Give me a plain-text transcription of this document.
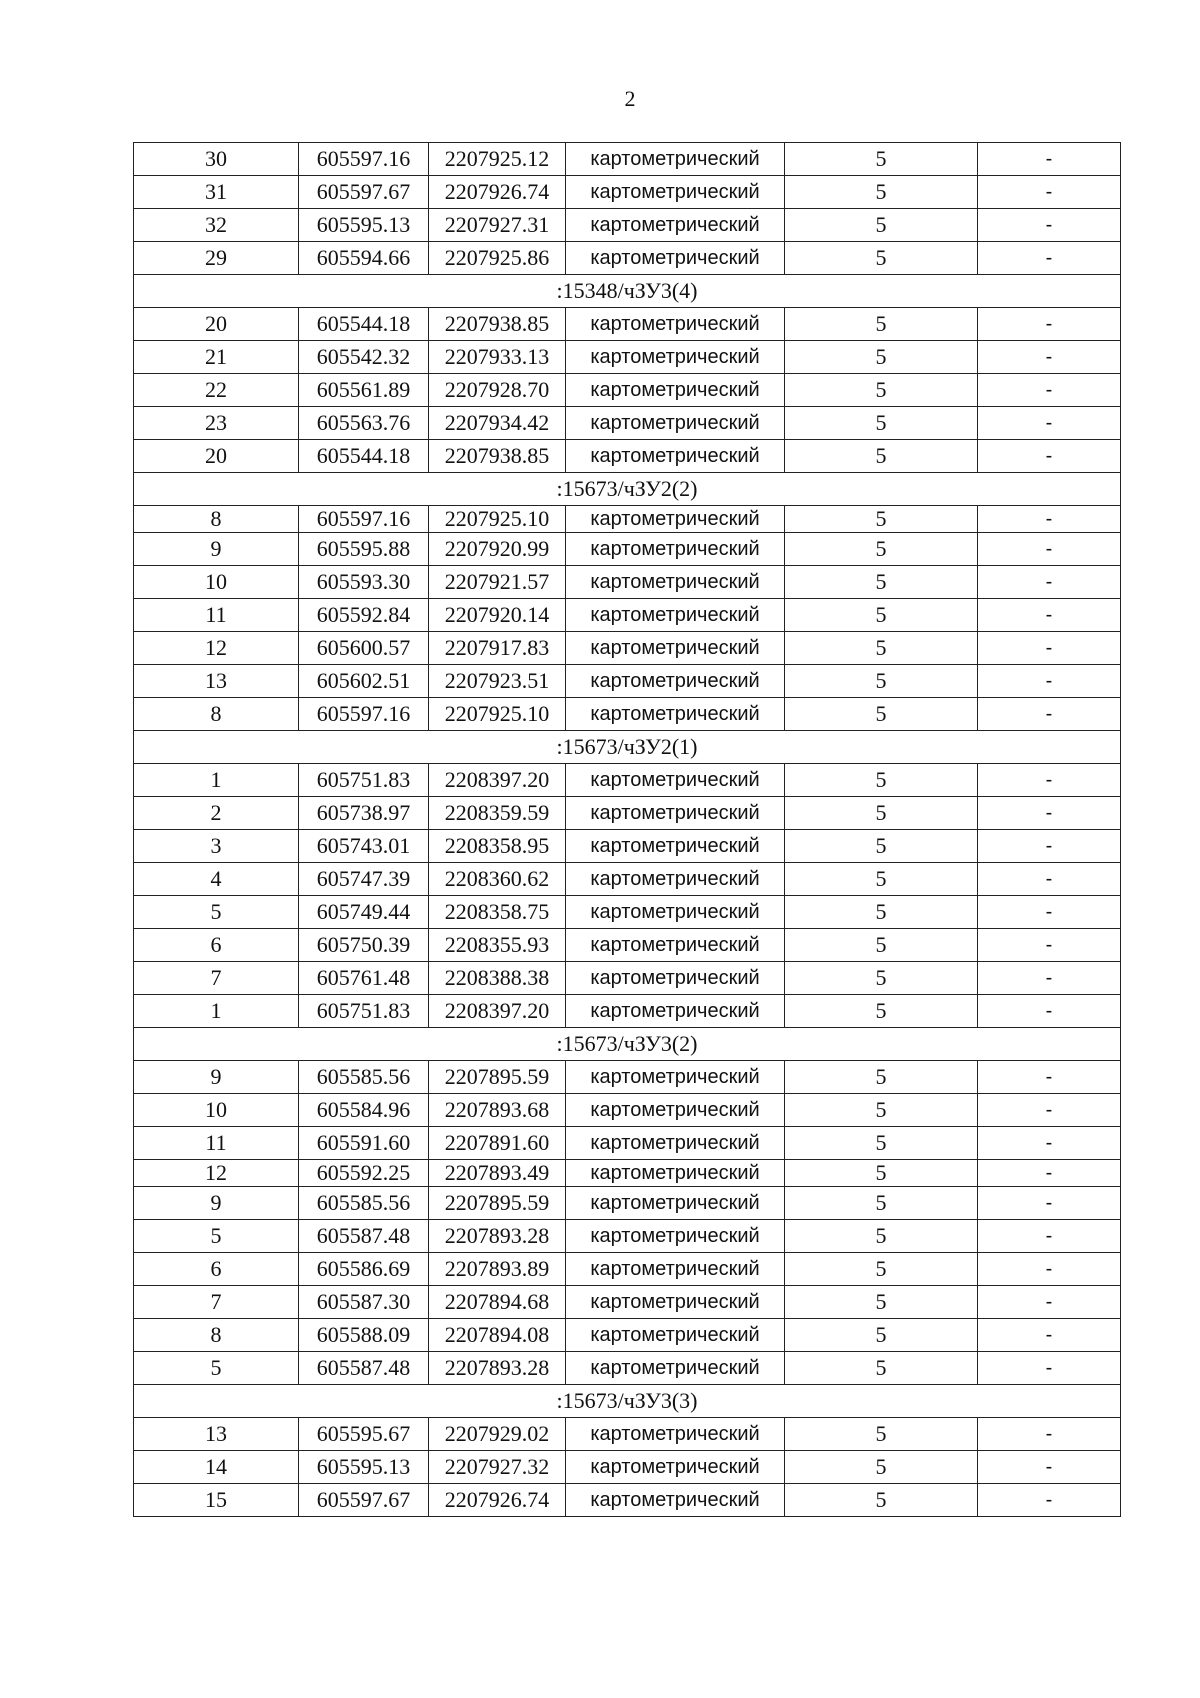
2
30	605597.16	2207925.12	картометрический	5	-
31	605597.67	2207926.74	картометрический	5	-
32	605595.13	2207927.31	картометрический	5	-
29	605594.66	2207925.86	картометрический	5	-
:15348/чЗУ3(4)					
20	605544.18	2207938.85	картометрический	5	-
21	605542.32	2207933.13	картометрический	5	-
22	605561.89	2207928.70	картометрический	5	-
23	605563.76	2207934.42	картометрический	5	-
20	605544.18	2207938.85	картометрический	5	-
:15673/чЗУ2(2)					
8	605597.16	2207925.10	картометрический	5	-
9	605595.88	2207920.99	картометрический	5	-
10	605593.30	2207921.57	картометрический	5	-
11	605592.84	2207920.14	картометрический	5	-
12	605600.57	2207917.83	картометрический	5	-
13	605602.51	2207923.51	картометрический	5	-
8	605597.16	2207925.10	картометрический	5	-
:15673/чЗУ2(1)					
1	605751.83	2208397.20	картометрический	5	-
2	605738.97	2208359.59	картометрический	5	-
3	605743.01	2208358.95	картометрический	5	-
4	605747.39	2208360.62	картометрический	5	-
5	605749.44	2208358.75	картометрический	5	-
6	605750.39	2208355.93	картометрический	5	-
7	605761.48	2208388.38	картометрический	5	-
1	605751.83	2208397.20	картометрический	5	-
:15673/чЗУ3(2)					
9	605585.56	2207895.59	картометрический	5	-
10	605584.96	2207893.68	картометрический	5	-
11	605591.60	2207891.60	картометрический	5	-
12	605592.25	2207893.49	картометрический	5	-
9	605585.56	2207895.59	картометрический	5	-
5	605587.48	2207893.28	картометрический	5	-
6	605586.69	2207893.89	картометрический	5	-
7	605587.30	2207894.68	картометрический	5	-
8	605588.09	2207894.08	картометрический	5	-
5	605587.48	2207893.28	картометрический	5	-
:15673/чЗУ3(3)					
13	605595.67	2207929.02	картометрический	5	-
14	605595.13	2207927.32	картометрический	5	-
15	605597.67	2207926.74	картометрический	5	-
